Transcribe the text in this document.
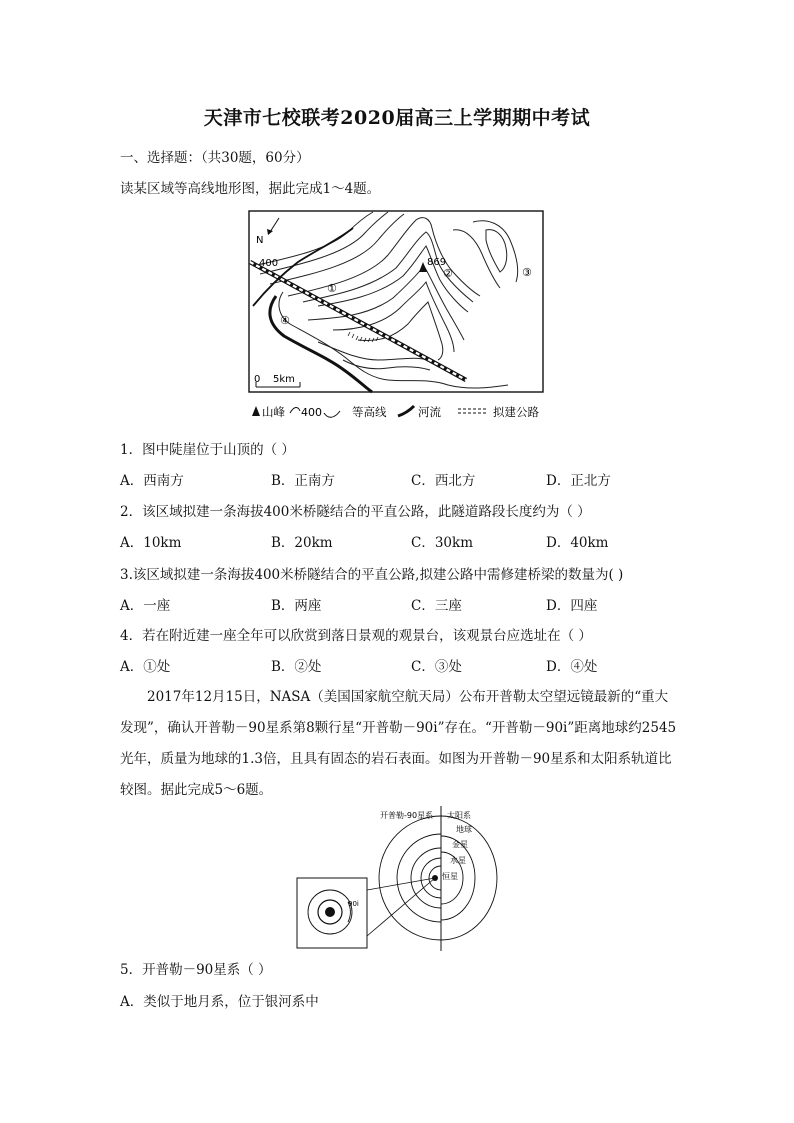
天津市七校联考2020届高三上学期期中考试
一、选择题：（共30题，60分）
读某区域等高线地形图，据此完成1～4题。
N
400	869
①
②	③
④
0 5km
山峰 400	等高线	河流	拟建公路
1．图中陡崖位于山顶的（ ）
A．西南方	B．正南方	C．西北方	D．正北方
2．该区域拟建一条海拔400米桥隧结合的平直公路，此隧道路段长度约为（ ）
A．10km	B．20km	C．30km	D．40km
3.该区域拟建一条海拔400米桥隧结合的平直公路,拟建公路中需修建桥梁的数量为( )
A．一座	B．两座	C．三座	D．四座
4．若在附近建一座全年可以欣赏到落日景观的观景台，该观景台应选址在（ ）
A．①处	B．②处	C．③处	D．④处

2017年12月15日，NASA（美国国家航空航天局）公布开普勒太空望远镜最新的“重大发现”，确认开普勒－90星系第8颗行星“开普勒－90i”存在。“开普勒－90i”距离地球约2545光年，质量为地球的1.3倍，且具有固态的岩石表面。如图为开普勒－90星系和太阳系轨道比较图。据此完成5～6题。

开普勒-90星系 太阳系
地球
金星
水星
恒星
90i
5．开普勒－90星系（ ）
A．类似于地月系，位于银河系中
